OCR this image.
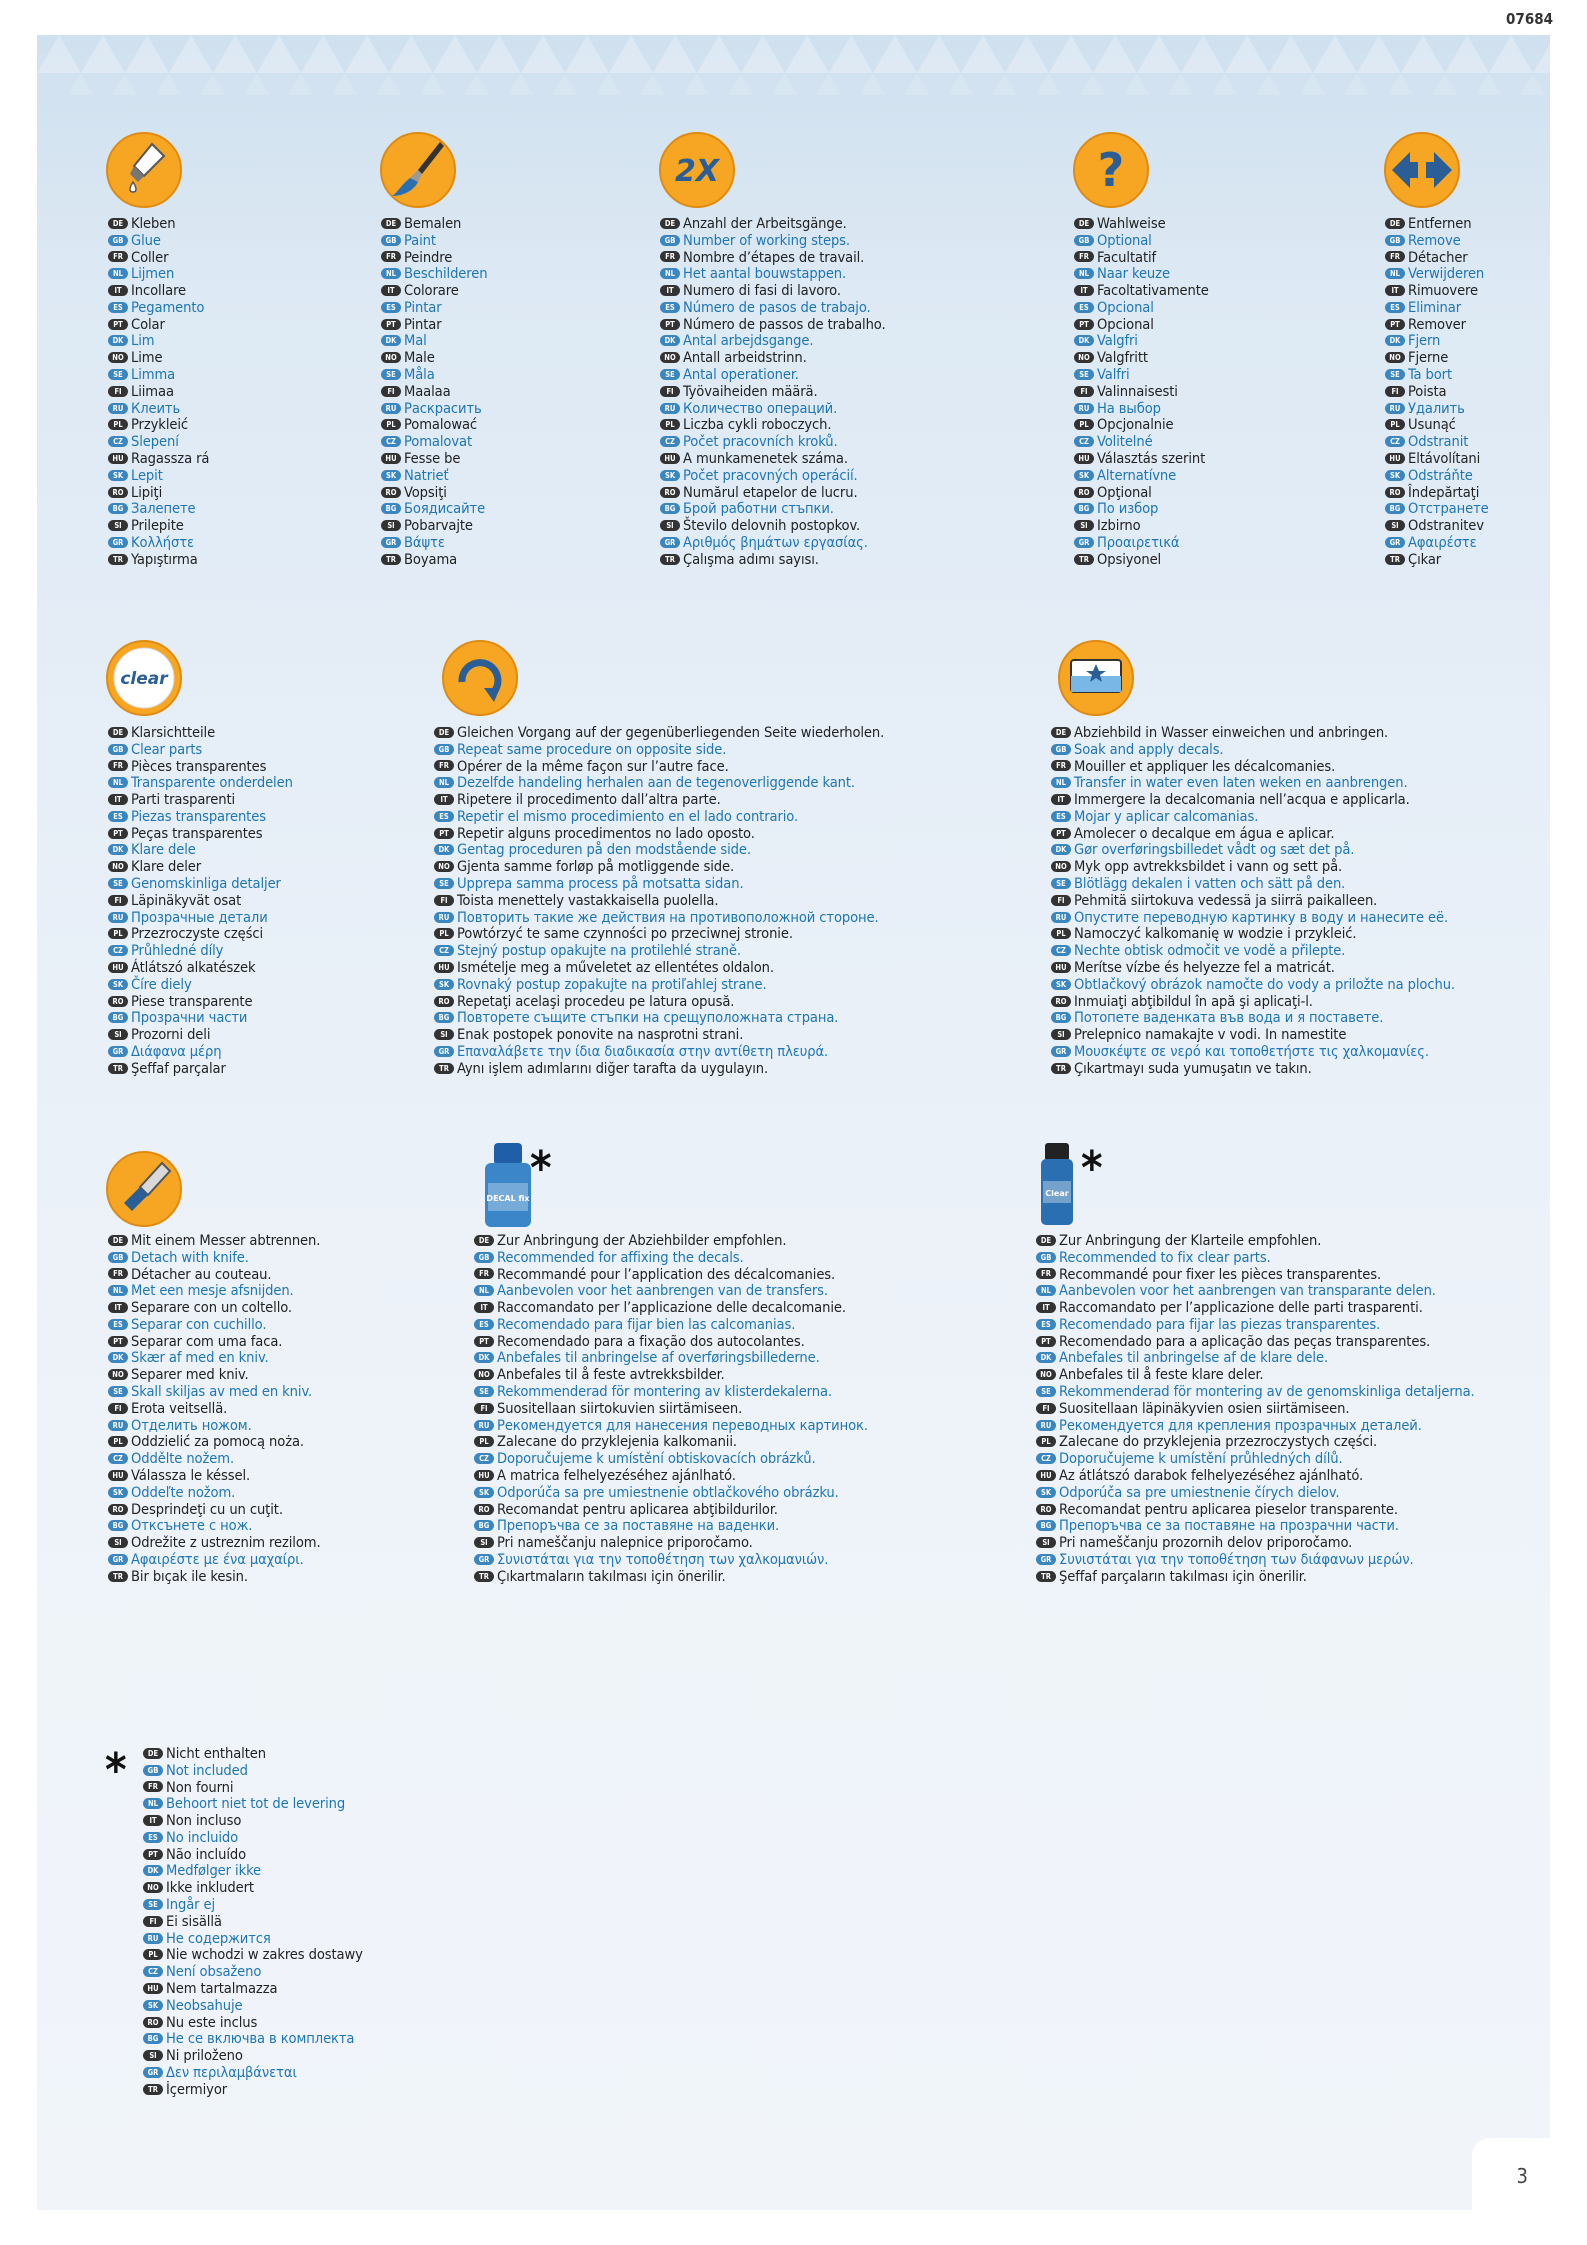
07684
2X	?
clear
DECAL fix
*	Clear *
DE Kleben
GB Glue
FR Coller
NL Lijmen
IT Incollare
ES Pegamento
PT Colar
DK Lim
NO Lime
SE Limma
FI Liimaa
RU Клеить
PL Przykleić
CZ Slepení
HU Ragassza rá
SK Lepit
RO Lipiţi
BG Залепете
SI Prilepite
GR Κολλήστε
TR Yapıştırma
DE Bemalen
GB Paint
FR Peindre
NL Beschilderen
IT Colorare
ES Pintar
PT Pintar
DK Mal
NO Male
SE Måla
FI Maalaa
RU Раскрасить
PL Pomalować
CZ Pomalovat
HU Fesse be
SK Natrieť
RO Vopsiţi
BG Боядисайте
SI Pobarvajte
GR Βάψτε
TR Boyama
DE Anzahl der Arbeitsgänge.
GB Number of working steps.
FR Nombre d’étapes de travail.
NL Het aantal bouwstappen.
IT Numero di fasi di lavoro.
ES Número de pasos de trabajo.
PT Número de passos de trabalho.
DK Antal arbejdsgange.
NO Antall arbeidstrinn.
SE Antal operationer.
FI Työvaiheiden määrä.
RU Количество операций.
PL Liczba cykli roboczych.
CZ Počet pracovních kroků.
HU A munkamenetek száma.
SK Počet pracovných operácií.
RO Numărul etapelor de lucru.
BG Брой работни стъпки.
SI Število delovnih postopkov.
GR Αριθμός βημάτων εργασίας.
TR Çalışma adımı sayısı.
DE Wahlweise
GB Optional
FR Facultatif
NL Naar keuze
IT Facoltativamente
ES Opcional
PT Opcional
DK Valgfri
NO Valgfritt
SE Valfri
FI Valinnaisesti
RU На выбор
PL Opcjonalnie
CZ Volitelné
HU Választás szerint
SK Alternatívne
RO Opţional
BG По избор
SI Izbirno
GR Προαιρετικά
TR Opsiyonel
DE Entfernen
GB Remove
FR Détacher
NL Verwijderen
IT Rimuovere
ES Eliminar
PT Remover
DK Fjern
NO Fjerne
SE Ta bort
FI Poista
RU Удалить
PL Usunąć
CZ Odstranit
HU Eltávolítani
SK Odstráňte
RO Îndepărtaţi
BG Отстранете
SI Odstranitev
GR Αφαιρέστε
TR Çıkar
DE Klarsichtteile
GB Clear parts
FR Pièces transparentes
NL Transparente onderdelen
IT Parti trasparenti
ES Piezas transparentes
PT Peças transparentes
DK Klare dele
NO Klare deler
SE Genomskinliga detaljer
FI Läpinäkyvät osat
RU Прозрачные детали
PL Przezroczyste części
CZ Průhledné díly
HU Átlátszó alkatészek
SK Číre diely
RO Piese transparente
BG Прозрачни части
SI Prozorni deli
GR Διάφανα μέρη
TR Şeffaf parçalar
DE Gleichen Vorgang auf der gegenüberliegenden Seite wiederholen.
GB Repeat same procedure on opposite side.
FR Opérer de la même façon sur l’autre face.
NL Dezelfde handeling herhalen aan de tegenoverliggende kant.
IT Ripetere il procedimento dall’altra parte.
ES Repetir el mismo procedimiento en el lado contrario.
PT Repetir alguns procedimentos no lado oposto.
DK Gentag proceduren på den modstående side.
NO Gjenta samme forløp på motliggende side.
SE Upprepa samma process på motsatta sidan.
FI Toista menettely vastakkaisella puolella.
RU Повторить такие же действия на противоположной стороне.
PL Powtórzyć te same czynności po przeciwnej stronie.
CZ Stejný postup opakujte na protilehlé straně.
HU Ismételje meg a műveletet az ellentétes oldalon.
SK Rovnaký postup zopakujte na protiľahlej strane.
RO Repetaţi acelaşi procedeu pe latura opusă.
BG Повторете същите стъпки на срещуположната страна.
SI Enak postopek ponovite na nasprotni strani.
GR Επαναλάβετε την ίδια διαδικασία στην αντίθετη πλευρά.
TR Aynı işlem adımlarını diğer tarafta da uygulayın.
DE Abziehbild in Wasser einweichen und anbringen.
GB Soak and apply decals.
FR Mouiller et appliquer les décalcomanies.
NL Transfer in water even laten weken en aanbrengen.
IT Immergere la decalcomania nell’acqua e applicarla.
ES Mojar y aplicar calcomanias.
PT Amolecer o decalque em água e aplicar.
DK Gør overføringsbilledet vådt og sæt det på.
NO Myk opp avtrekksbildet i vann og sett på.
SE Blötlägg dekalen i vatten och sätt på den.
FI Pehmitä siirtokuva vedessä ja siirrä paikalleen.
RU Опустите переводную картинку в воду и нанесите её.
PL Namoczyć kalkomanię w wodzie i przykleić.
CZ Nechte obtisk odmočit ve vodě a přilepte.
HU Merítse vízbe és helyezze fel a matricát.
SK Obtlačkový obrázok namočte do vody a priložte na plochu.
RO Inmuiaţi abţibildul în apă şi aplicaţi-l.
BG Потопете ваденката във вода и я поставете.
SI Prelepnico namakajte v vodi. In namestite
GR Μουσκέψτε σε νερό και τοποθετήστε τις χαλκομανίες.
TR Çıkartmayı suda yumuşatın ve takın.
DE Mit einem Messer abtrennen.
GB Detach with knife.
FR Détacher au couteau.
NL Met een mesje afsnijden.
IT Separare con un coltello.
ES Separar con cuchillo.
PT Separar com uma faca.
DK Skær af med en kniv.
NO Separer med kniv.
SE Skall skiljas av med en kniv.
FI Erota veitsellä.
RU Отделить ножом.
PL Oddzielić za pomocą noża.
CZ Oddělte nožem.
HU Válassza le késsel.
SK Oddeľte nožom.
RO Desprindeţi cu un cuţit.
BG Отксънете с нож.
SI Odrežite z ustreznim rezilom.
GR Αφαιρέστε με ένα μαχαίρι.
TR Bir bıçak ile kesin.
DE Zur Anbringung der Abziehbilder empfohlen.
GB Recommended for affixing the decals.
FR Recommandé pour l’application des décalcomanies.
NL Aanbevolen voor het aanbrengen van de transfers.
IT Raccomandato per l’applicazione delle decalcomanie.
ES Recomendado para fijar bien las calcomanias.
PT Recomendado para a fixação dos autocolantes.
DK Anbefales til anbringelse af overføringsbillederne.
NO Anbefales til å feste avtrekksbilder.
SE Rekommenderad för montering av klisterdekalerna.
FI Suositellaan siirtokuvien siirtämiseen.
RU Рекомендуется для нанесения переводных картинок.
PL Zalecane do przyklejenia kalkomanii.
CZ Doporučujeme k umístění obtiskovacích obrázků.
HU A matrica felhelyezéséhez ajánlható.
SK Odporúča sa pre umiestnenie obtlačkového obrázku.
RO Recomandat pentru aplicarea abţibildurilor.
BG Препоръчва се за поставяне на ваденки.
SI Pri nameščanju nalepnice priporočamo.
GR Συνιστάται για την τοποθέτηση των χαλκομανιών.
TR Çıkartmaların takılması için önerilir.
DE Zur Anbringung der Klarteile empfohlen.
GB Recommended to fix clear parts.
FR Recommandé pour fixer les pièces transparentes.
NL Aanbevolen voor het aanbrengen van transparante delen.
IT Raccomandato per l’applicazione delle parti trasparenti.
ES Recomendado para fijar las piezas transparentes.
PT Recomendado para a aplicação das peças transparentes.
DK Anbefales til anbringelse af de klare dele.
NO Anbefales til å feste klare deler.
SE Rekommenderad för montering av de genomskinliga detaljerna.
FI Suositellaan läpinäkyvien osien siirtämiseen.
RU Рекомендуется для крепления прозрачных деталей.
PL Zalecane do przyklejenia przezroczystych części.
CZ Doporučujeme k umístění průhledných dílů.
HU Az átlátszó darabok felhelyezéséhez ajánlható.
SK Odporúča sa pre umiestnenie čírych dielov.
RO Recomandat pentru aplicarea pieselor transparente.
BG Препоръчва се за поставяне на прозрачни части.
SI Pri nameščanju prozornih delov priporočamo.
GR Συνιστάται για την τοποθέτηση των διάφανων μερών.
TR Şeffaf parçaların takılması için önerilir.
*	DE Nicht enthalten
GB Not included
FR Non fourni
NL Behoort niet tot de levering
IT Non incluso
ES No incluido
PT Não incluído
DK Medfølger ikke
NO Ikke inkludert
SE Ingår ej
FI Ei sisällä
RU Не содержится
PL Nie wchodzi w zakres dostawy
CZ Není obsaženo
HU Nem tartalmazza
SK Neobsahuje
RO Nu este inclus
BG Не се включва в комплекта
SI Ni priloženo
GR Δεν περιλαμβάνεται
TR İçermiyor
3
